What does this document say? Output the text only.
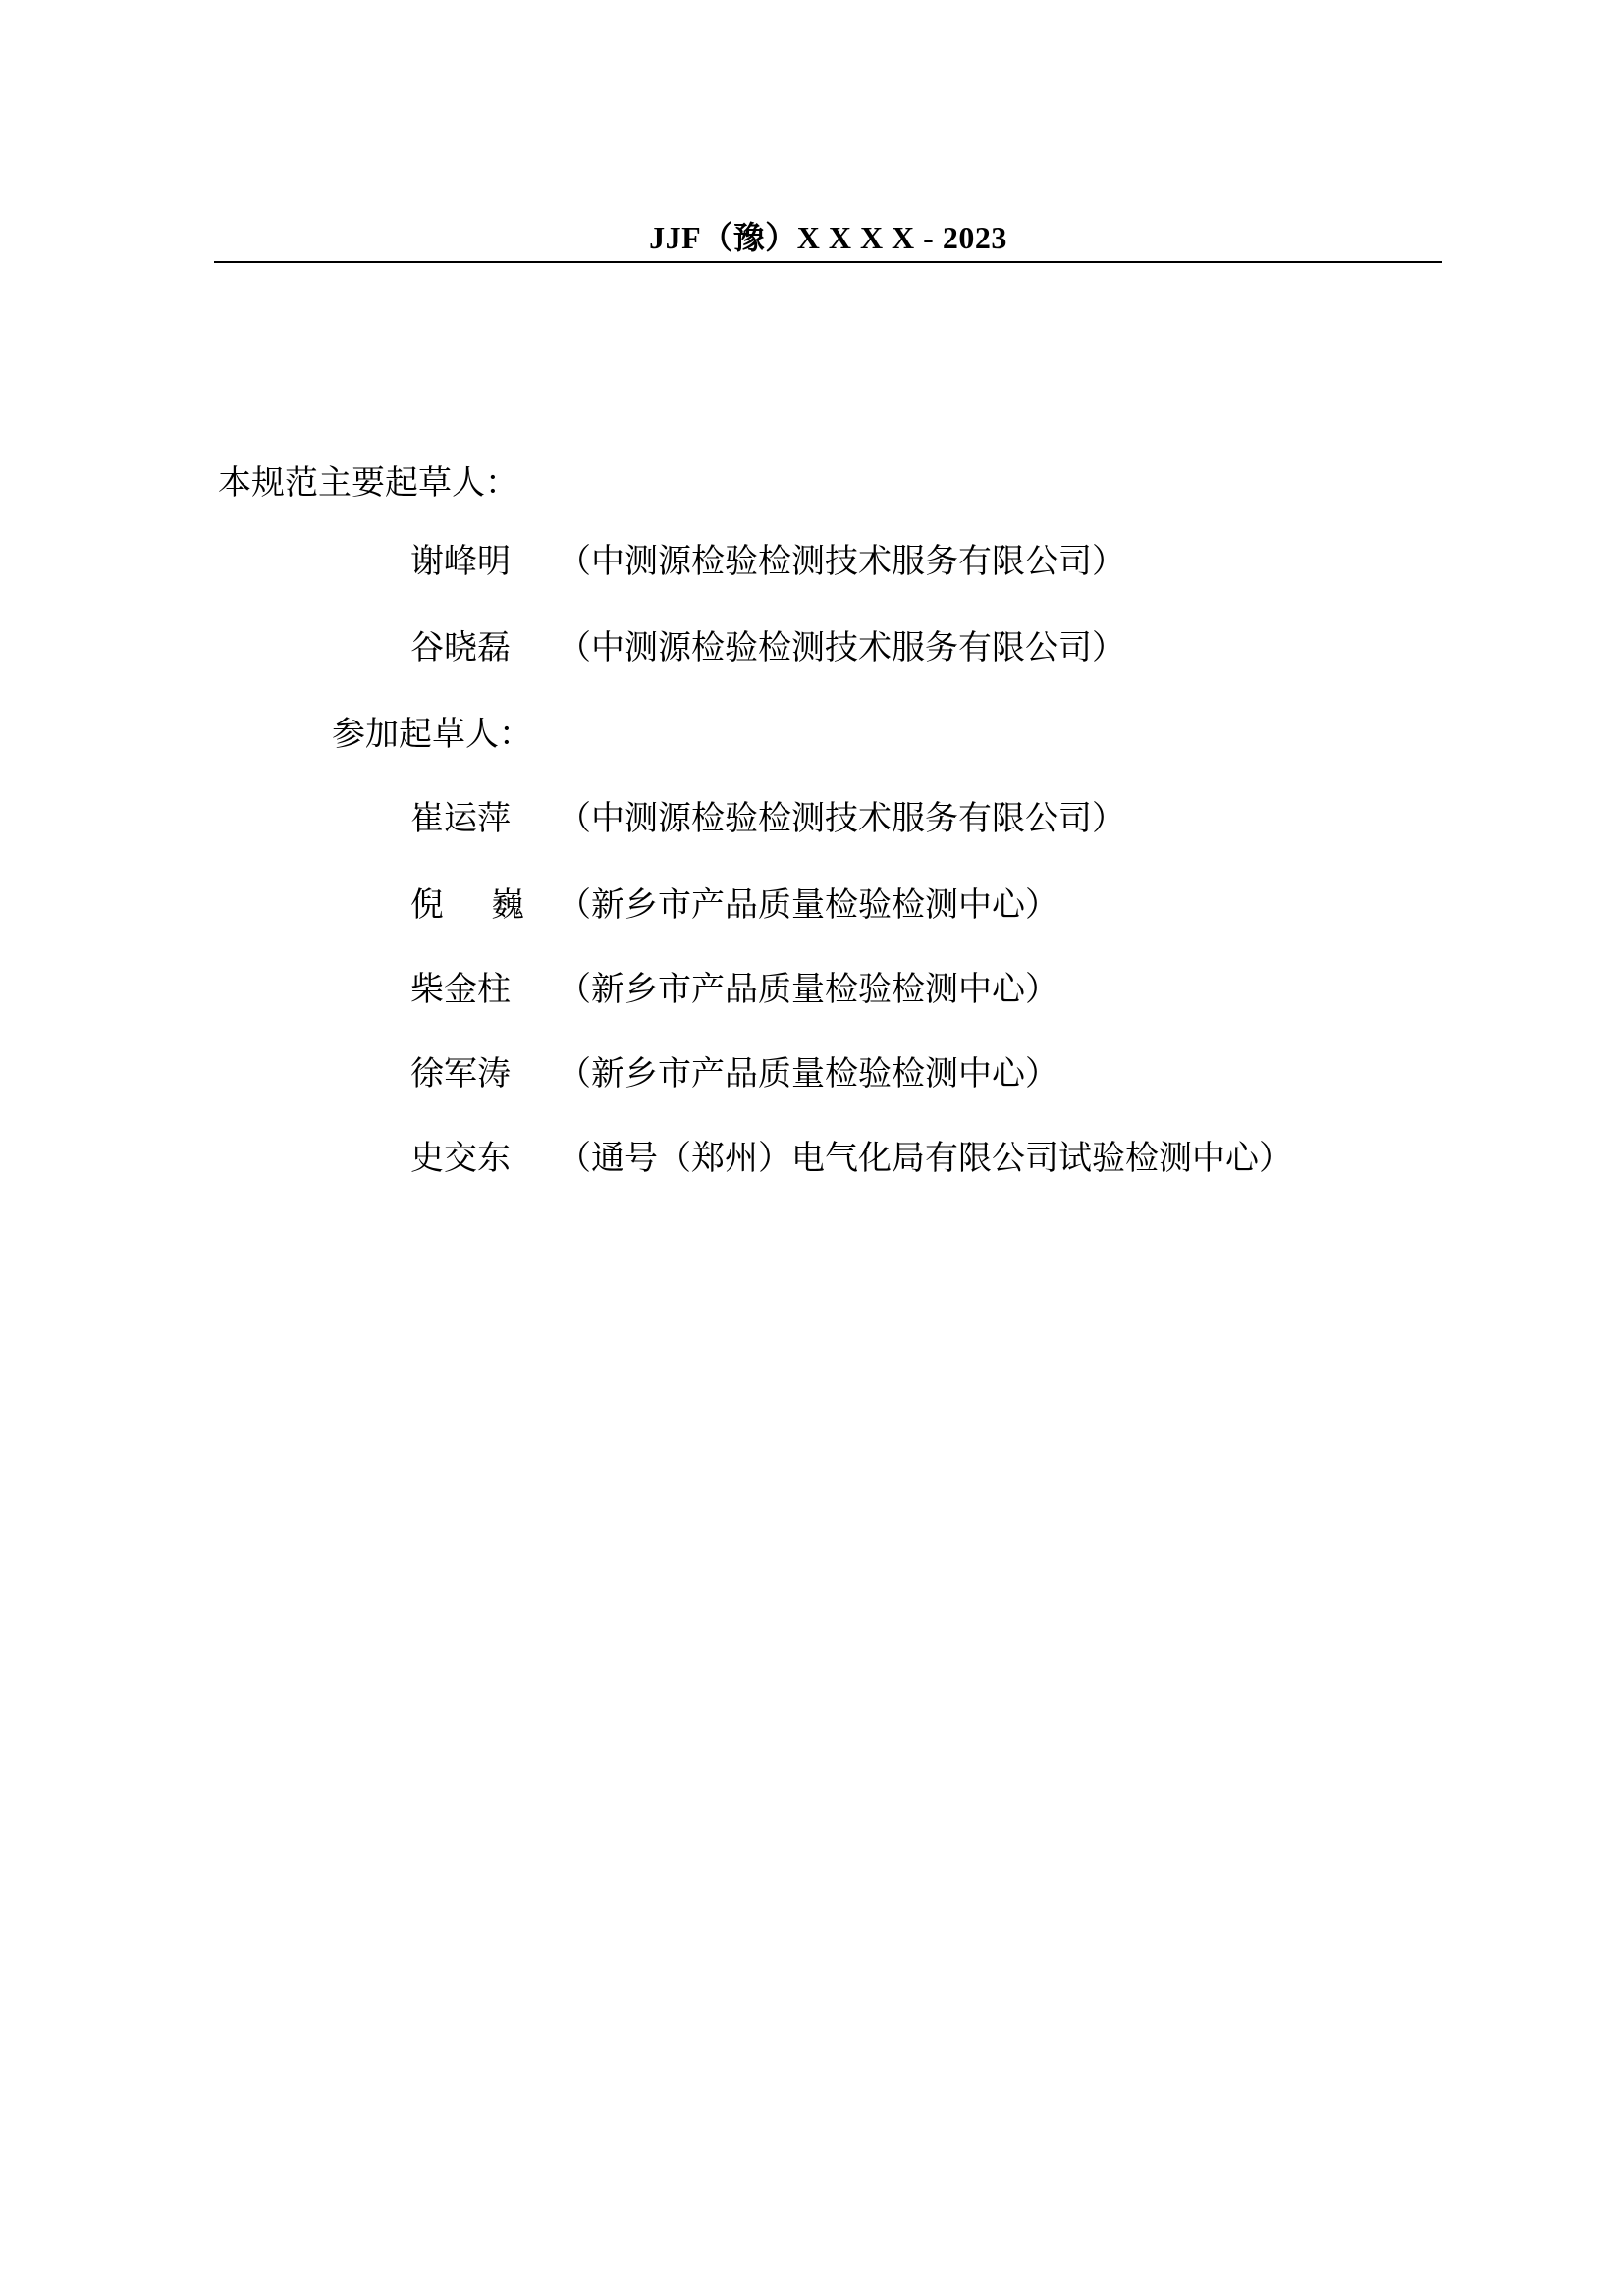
JJF（豫）X X X X - 2023
本规范主要起草人：
谢峰明	（中测源检验检测技术服务有限公司）
谷晓磊	（中测源检验检测技术服务有限公司）
参加起草人：
崔运萍	（中测源检验检测技术服务有限公司）
倪 巍 （新乡市产品质量检验检测中心）
柴金柱	（新乡市产品质量检验检测中心）
徐军涛	（新乡市产品质量检验检测中心）
史交东	（通号（郑州）电气化局有限公司试验检测中心）
